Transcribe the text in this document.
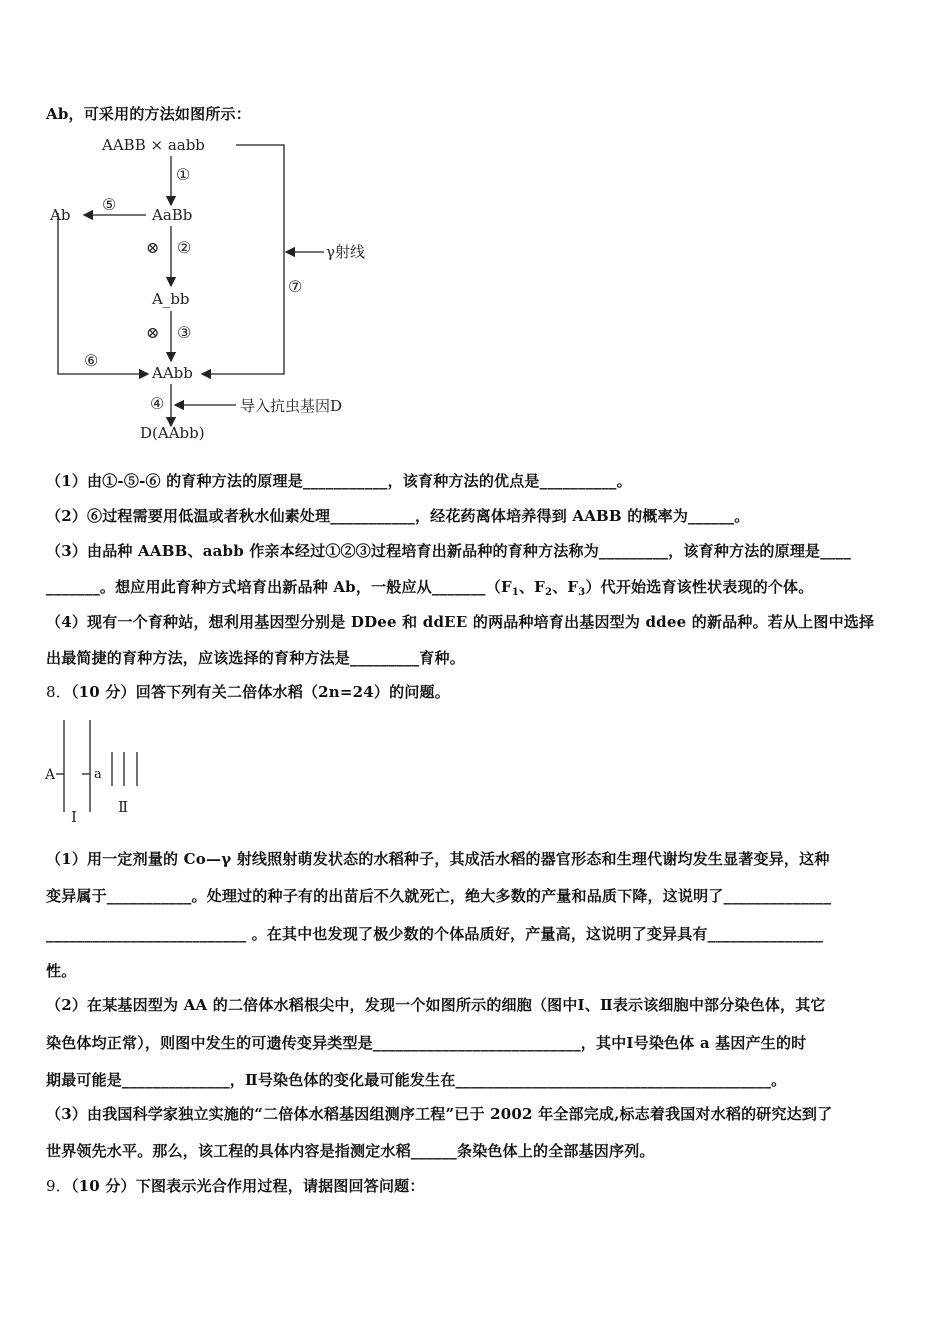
Ab，可采用的方法如图所示：
AABB × aabb
①
Ab
⑤
AaBb
⊗ ②	γ射线
⑦
A_bb
⊗ ③
⑥
AAbb
④	导入抗虫基因D
D(AAbb)
（1）由①-⑤-⑥ 的育种方法的原理是___________，该育种方法的优点是__________。
（2）⑥过程需要用低温或者秋水仙素处理___________，经花药离体培养得到 AABB 的概率为______。
（3）由品种 AABB、aabb 作亲本经过①②③过程培育出新品种的育种方法称为_________，该育种方法的原理是____
_______。想应用此育种方式培育出新品种 Ab，一般应从$\_\_\_\_\_\_\_(F_1$、$F_2$、$F_3$）代开始选育该性状表现的个体。
（4）现有一个育种站，想利用基因型分别是 DDee 和 ddEE 的两品种培育出基因型为 ddee 的新品种。若从上图中选择
出最简捷的育种方法，应该选择的育种方法是_________育种。
8．（10 分）回答下列有关二倍体水稻（2n=24）的问题。
A	a
I
Ⅱ
（1）用一定剂量的 Co—γ 射线照射萌发状态的水稻种子，其成活水稻的器官形态和生理代谢均发生显著变异，这种
变异属于___________。处理过的种子有的出苗后不久就死亡，绝大多数的产量和品质下降，这说明了______________
__________________________ 。在其中也发现了极少数的个体品质好，产量高，这说明了变异具有_______________
性。
（2）在某基因型为 AA 的二倍体水稻根尖中，发现一个如图所示的细胞（图中Ⅰ、Ⅱ表示该细胞中部分染色体，其它
染色体均正常），则图中发生的可遗传变异类型是___________________________，其中Ⅰ号染色体 a 基因产生的时
期最可能是______________，Ⅱ号染色体的变化最可能发生在_________________________________________。
（3）由我国科学家独立实施的“二倍体水稻基因组测序工程”已于 2002 年全部完成,标志着我国对水稻的研究达到了
世界领先水平。那么，该工程的具体内容是指测定水稻______条染色体上的全部基因序列。
9．（10 分）下图表示光合作用过程，请据图回答问题：
